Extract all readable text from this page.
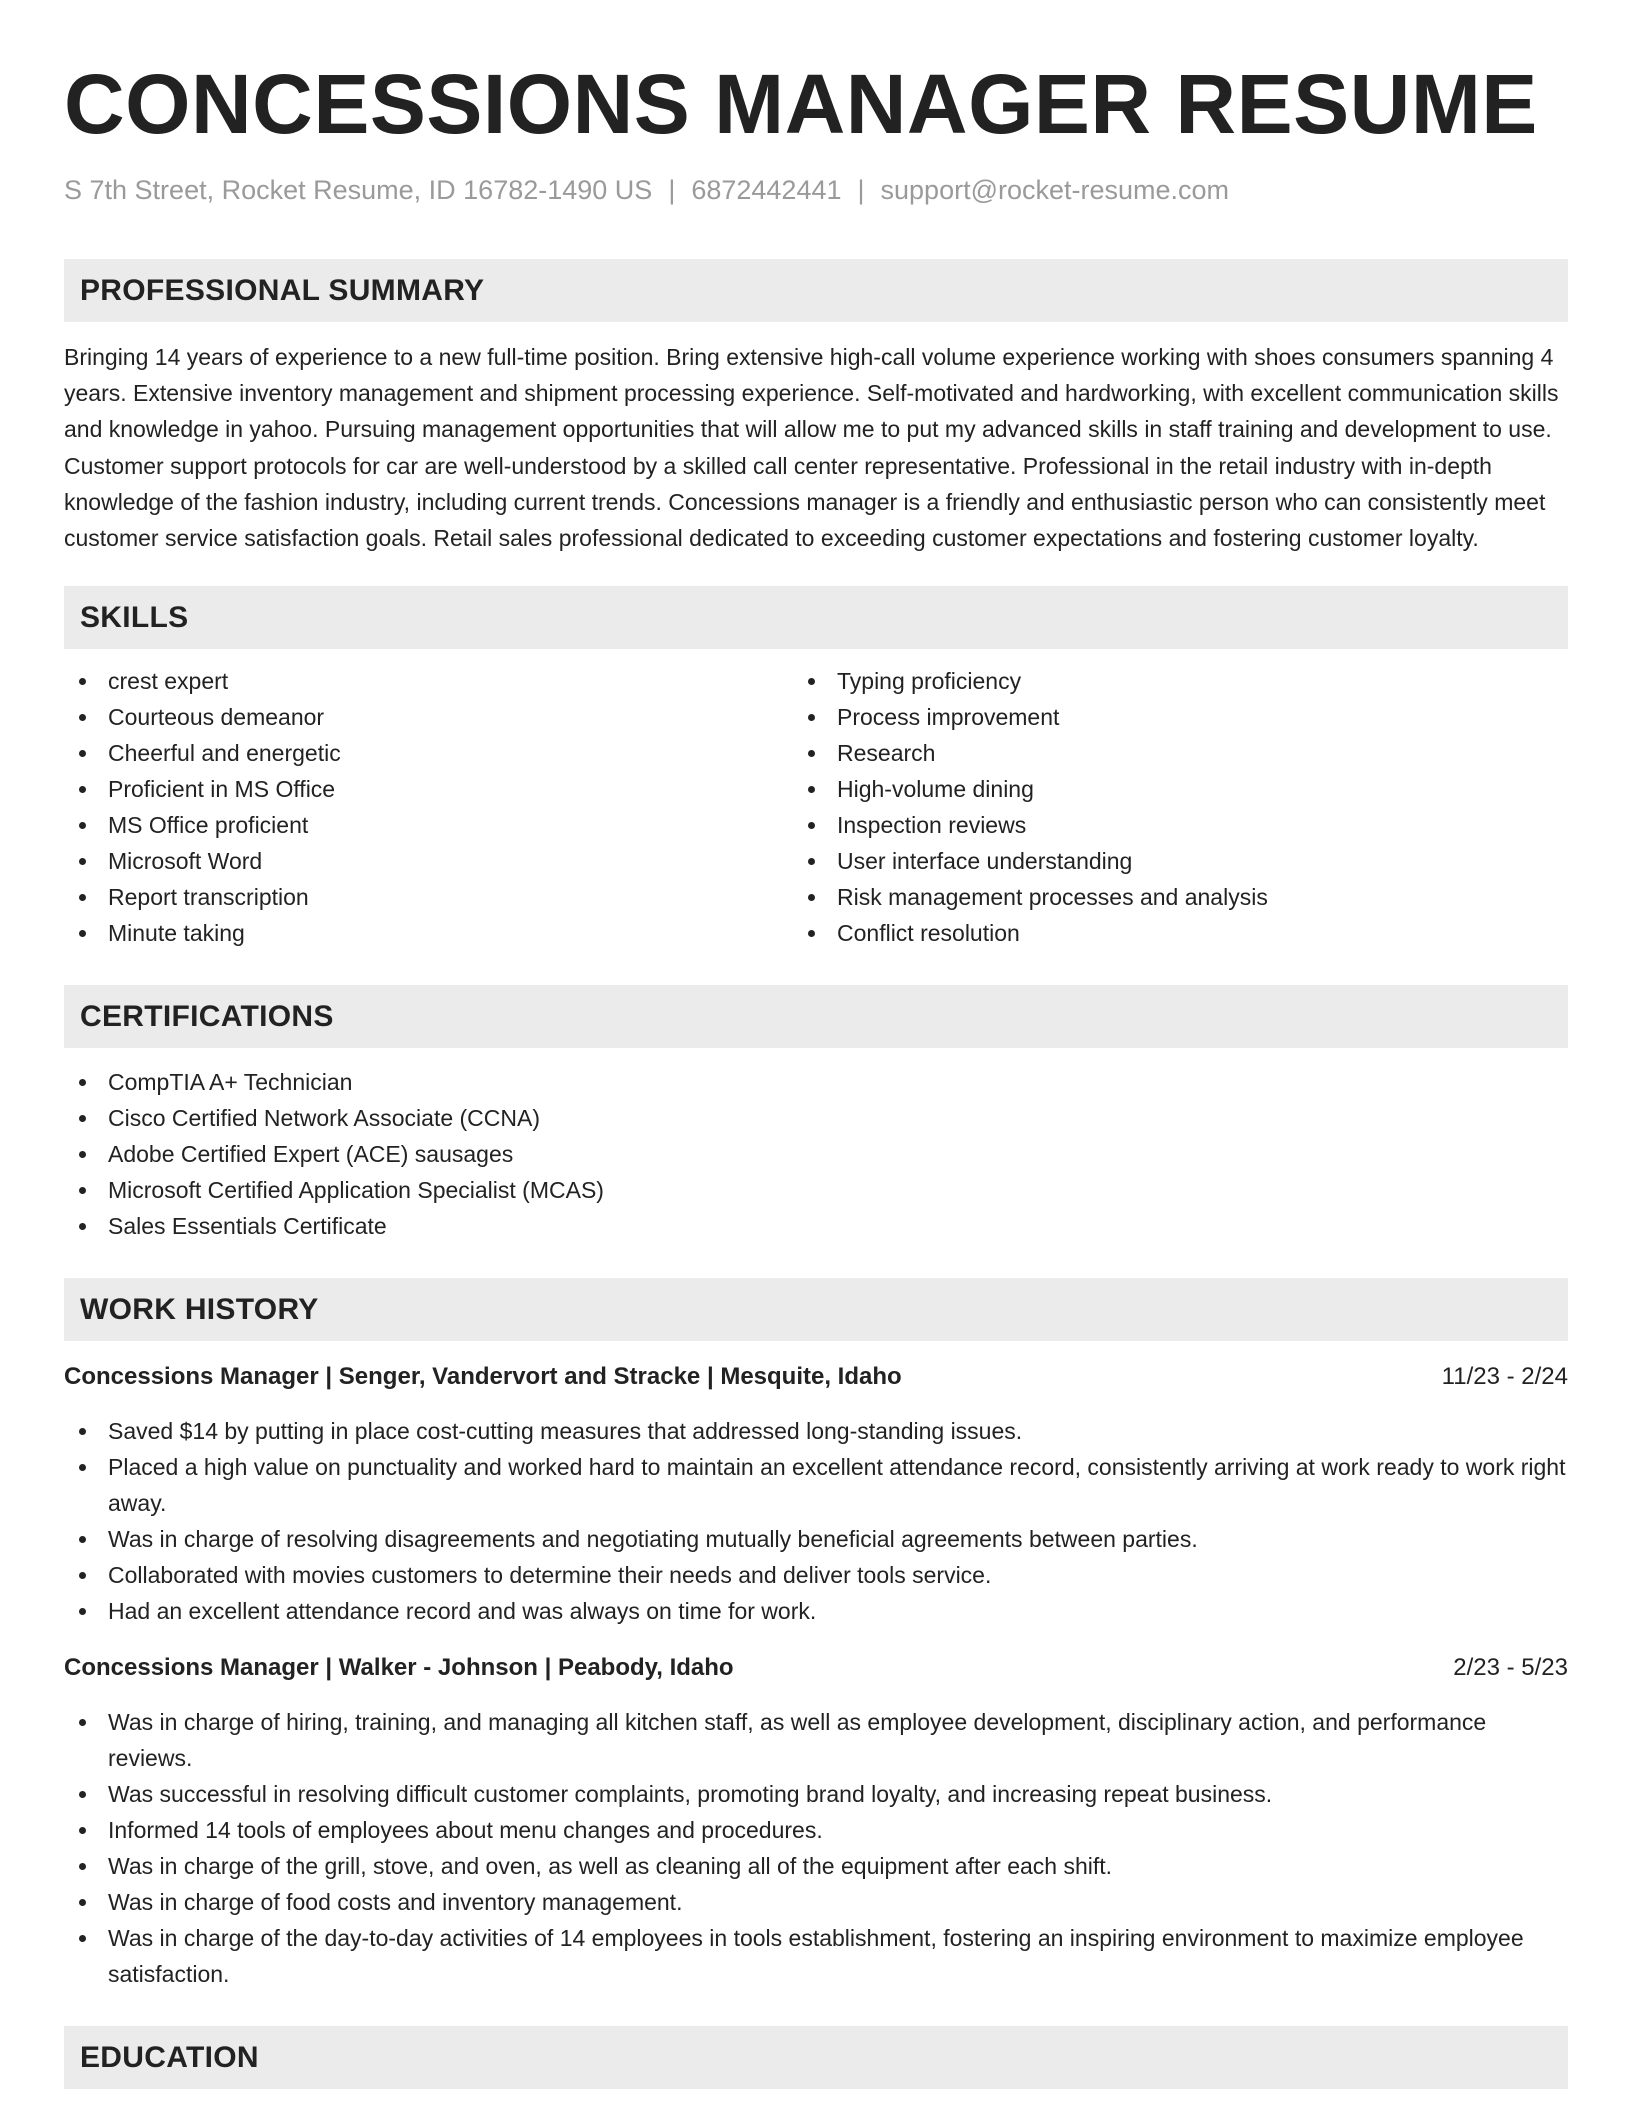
CONCESSIONS MANAGER RESUME
S 7th Street, Rocket Resume, ID 16782-1490 US | 6872442441 | support@rocket-resume.com
PROFESSIONAL SUMMARY

Bringing 14 years of experience to a new full-time position. Bring extensive high-call volume experience working with shoes consumers spanning 4 years. Extensive inventory management and shipment processing experience. Self-motivated and hardworking, with excellent communication skills and knowledge in yahoo. Pursuing management opportunities that will allow me to put my advanced skills in staff training and development to use. Customer support protocols for car are well-understood by a skilled call center representative. Professional in the retail industry with in-depth knowledge of the fashion industry, including current trends. Concessions manager is a friendly and enthusiastic person who can consistently meet customer service satisfaction goals. Retail sales professional dedicated to exceeding customer expectations and fostering customer loyalty.

SKILLS
crest expert
Courteous demeanor
Cheerful and energetic
Proficient in MS Office
MS Office proficient
Microsoft Word
Report transcription
Minute taking
Typing proficiency
Process improvement
Research
High-volume dining
Inspection reviews
User interface understanding
Risk management processes and analysis
Conflict resolution
CERTIFICATIONS
CompTIA A+ Technician
Cisco Certified Network Associate (CCNA)
Adobe Certified Expert (ACE) sausages
Microsoft Certified Application Specialist (MCAS)
Sales Essentials Certificate
WORK HISTORY
Concessions Manager | Senger, Vandervort and Stracke | Mesquite, Idaho	11/23 - 2/24
Saved $14 by putting in place cost-cutting measures that addressed long-standing issues.
Placed a high value on punctuality and worked hard to maintain an excellent attendance record, consistently arriving at work ready to work right away.
Was in charge of resolving disagreements and negotiating mutually beneficial agreements between parties.
Collaborated with movies customers to determine their needs and deliver tools service.
Had an excellent attendance record and was always on time for work.
Concessions Manager | Walker - Johnson | Peabody, Idaho	2/23 - 5/23
Was in charge of hiring, training, and managing all kitchen staff, as well as employee development, disciplinary action, and performance reviews.
Was successful in resolving difficult customer complaints, promoting brand loyalty, and increasing repeat business.
Informed 14 tools of employees about menu changes and procedures.
Was in charge of the grill, stove, and oven, as well as cleaning all of the equipment after each shift.
Was in charge of food costs and inventory management.
Was in charge of the day-to-day activities of 14 employees in tools establishment, fostering an inspiring environment to maximize employee satisfaction.
EDUCATION
